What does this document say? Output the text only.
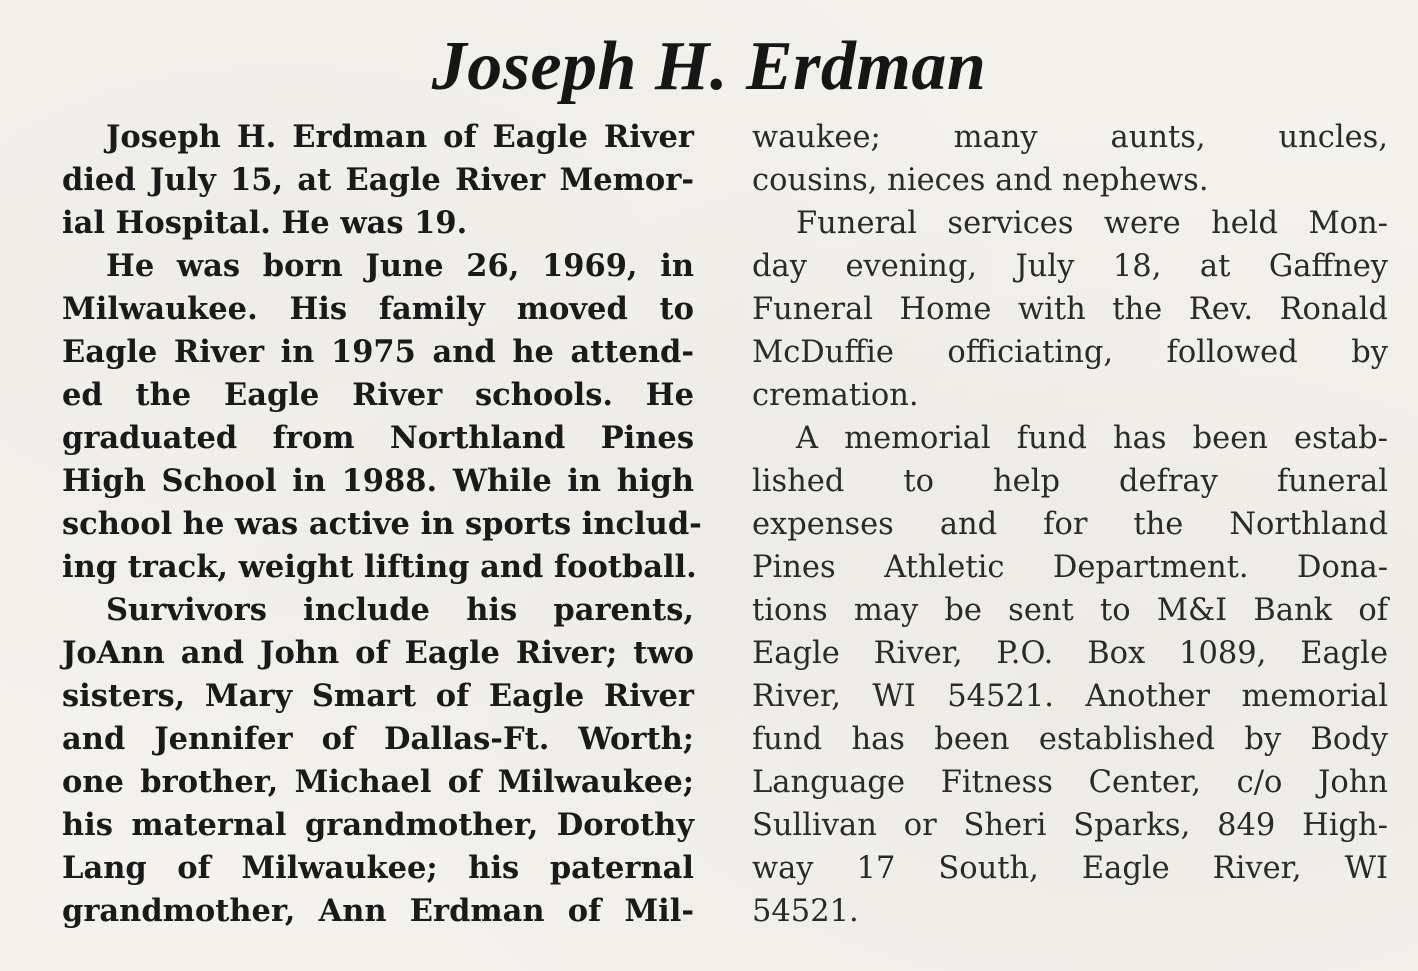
Joseph H. Erdman
Joseph H. Erdman of Eagle River
died July 15, at Eagle River Memor-
ial Hospital. He was 19.
He was born June 26, 1969, in
Milwaukee. His family moved to
Eagle River in 1975 and he attend-
ed the Eagle River schools. He
graduated from Northland Pines
High School in 1988. While in high
school he was active in sports includ-
ing track, weight lifting and football.
Survivors include his parents,
JoAnn and John of Eagle River; two
sisters, Mary Smart of Eagle River
and Jennifer of Dallas-Ft. Worth;
one brother, Michael of Milwaukee;
his maternal grandmother, Dorothy
Lang of Milwaukee; his paternal
grandmother, Ann Erdman of Mil-
waukee; many aunts, uncles,
cousins, nieces and nephews.
Funeral services were held Mon-
day evening, July 18, at Gaffney
Funeral Home with the Rev. Ronald
McDuffie officiating, followed by
cremation.
A memorial fund has been estab-
lished to help defray funeral
expenses and for the Northland
Pines Athletic Department. Dona-
tions may be sent to M&I Bank of
Eagle River, P.O. Box 1089, Eagle
River, WI 54521. Another memorial
fund has been established by Body
Language Fitness Center, c/o John
Sullivan or Sheri Sparks, 849 High-
way 17 South, Eagle River, WI
54521.
